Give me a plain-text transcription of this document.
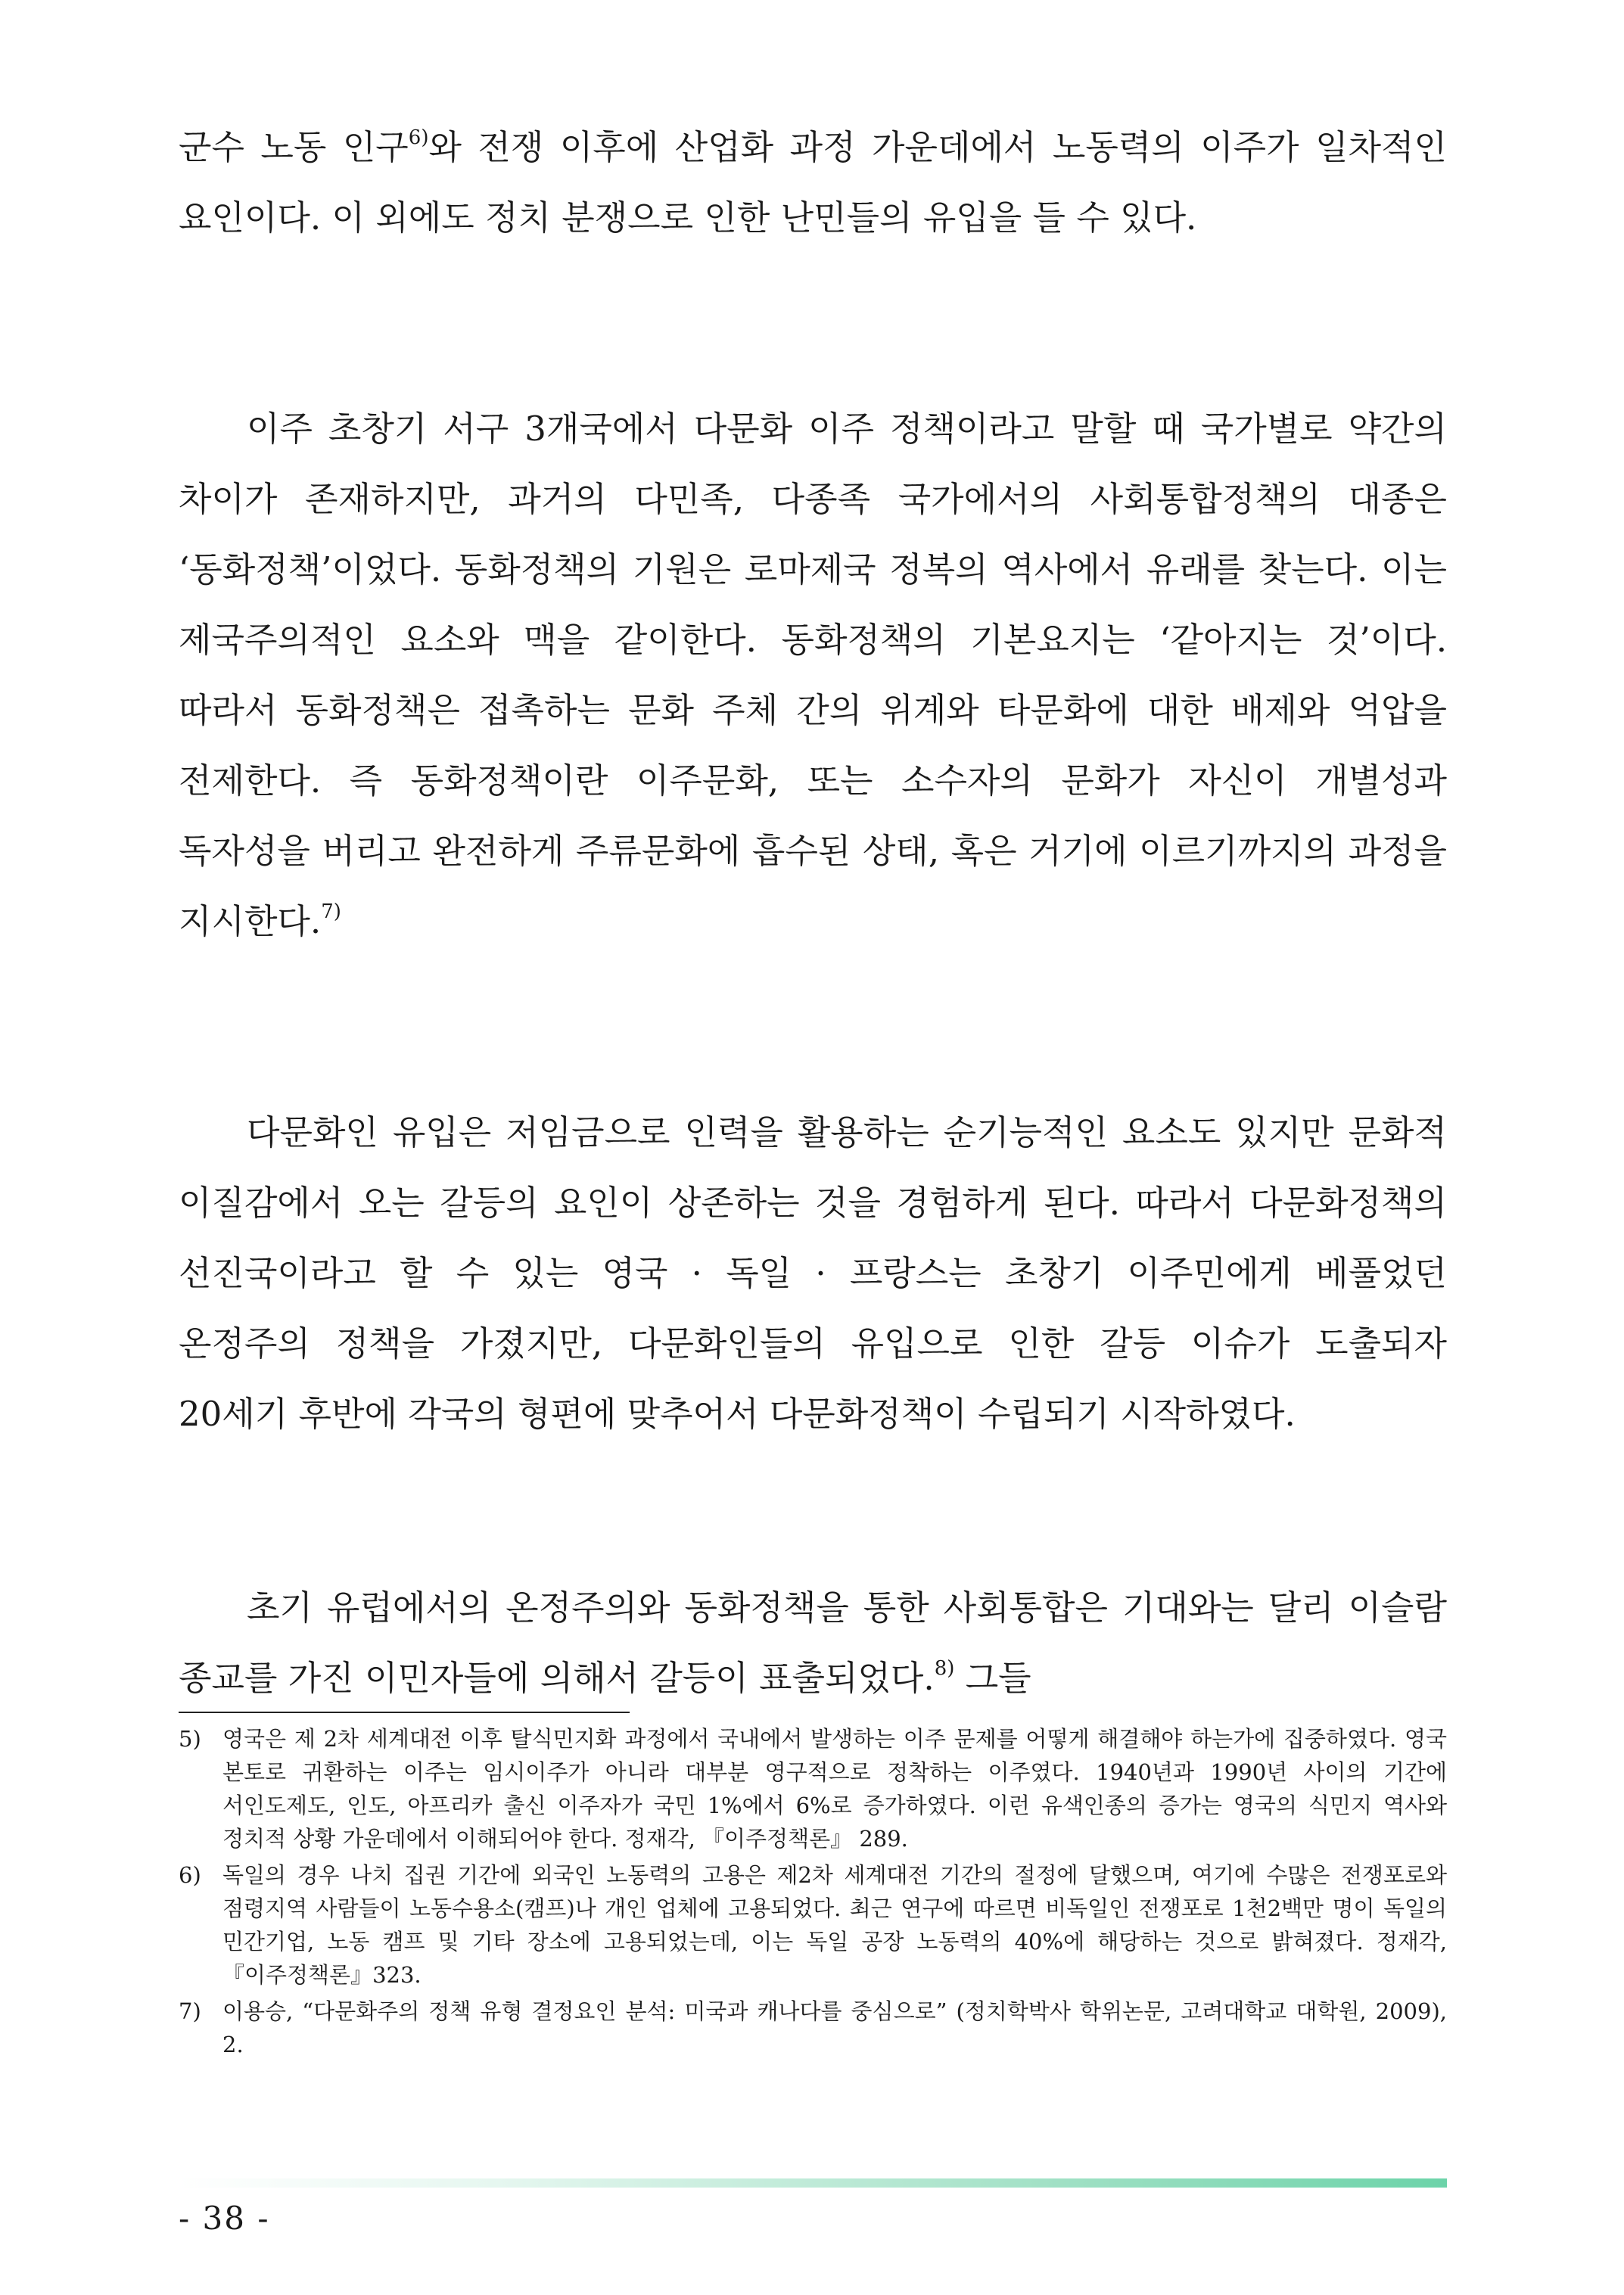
군수 노동 인구$^{6)}$와 전쟁 이후에 산업화 과정 가운데에서 노동력의 이주가 일차적인 요인이다. 이 외에도 정치 분쟁으로 인한 난민들의 유입을 들 수 있다.

이주 초창기 서구 3개국에서 다문화 이주 정책이라고 말할 때 국가별로 약간의 차이가 존재하지만, 과거의 다민족, 다종족 국가에서의 사회통합정책의 대종은 ‘동화정책’이었다. 동화정책의 기원은 로마제국 정복의 역사에서 유래를 찾는다. 이는 제국주의적인 요소와 맥을 같이한다. 동화정책의 기본요지는 ‘같아지는 것’이다. 따라서 동화정책은 접촉하는 문화 주체 간의 위계와 타문화에 대한 배제와 억압을 전제한다. 즉 동화정책이란 이주문화, 또는 소수자의 문화가 자신이 개별성과 독자성을 버리고 완전하게 주류문화에 흡수된 상태, 혹은 거기에 이르기까지의 과정을 지시한다.$^{7)}$

다문화인 유입은 저임금으로 인력을 활용하는 순기능적인 요소도 있지만 문화적 이질감에서 오는 갈등의 요인이 상존하는 것을 경험하게 된다. 따라서 다문화정책의 선진국이라고 할 수 있는 영국 · 독일 · 프랑스는 초창기 이주민에게 베풀었던 온정주의 정책을 가졌지만, 다문화인들의 유입으로 인한 갈등 이슈가 도출되자 20세기 후반에 각국의 형편에 맞추어서 다문화정책이 수립되기 시작하였다.

초기 유럽에서의 온정주의와 동화정책을 통한 사회통합은 기대와는 달리 이슬람 종교를 가진 이민자들에 의해서 갈등이 표출되었다.$^{8)}$ 그들

5) 영국은 제 2차 세계대전 이후 탈식민지화 과정에서 국내에서 발생하는 이주 문제를 어떻게 해결해야 하는가에 집중하였다. 영국 본토로 귀환하는 이주는 임시이주가 아니라 대부분 영구적으로 정착하는 이주였다. 1940년과 1990년 사이의 기간에 서인도제도, 인도, 아프리카 출신 이주자가 국민 1%에서 6%로 증가하였다. 이런 유색인종의 증가는 영국의 식민지 역사와 정치적 상황 가운데에서 이해되어야 한다. 정재각, 『이주정책론』 289.
6) 독일의 경우 나치 집권 기간에 외국인 노동력의 고용은 제2차 세계대전 기간의 절정에 달했으며, 여기에 수많은 전쟁포로와 점령지역 사람들이 노동수용소(캠프)나 개인 업체에 고용되었다. 최근 연구에 따르면 비독일인 전쟁포로 1천2백만 명이 독일의 민간기업, 노동 캠프 및 기타 장소에 고용되었는데, 이는 독일 공장 노동력의 40%에 해당하는 것으로 밝혀졌다. 정재각, 『이주정책론』323.
7) 이용승, “다문화주의 정책 유형 결정요인 분석: 미국과 캐나다를 중심으로” (정치학박사 학위논문, 고려대학교 대학원, 2009), 2.
- 38 -
